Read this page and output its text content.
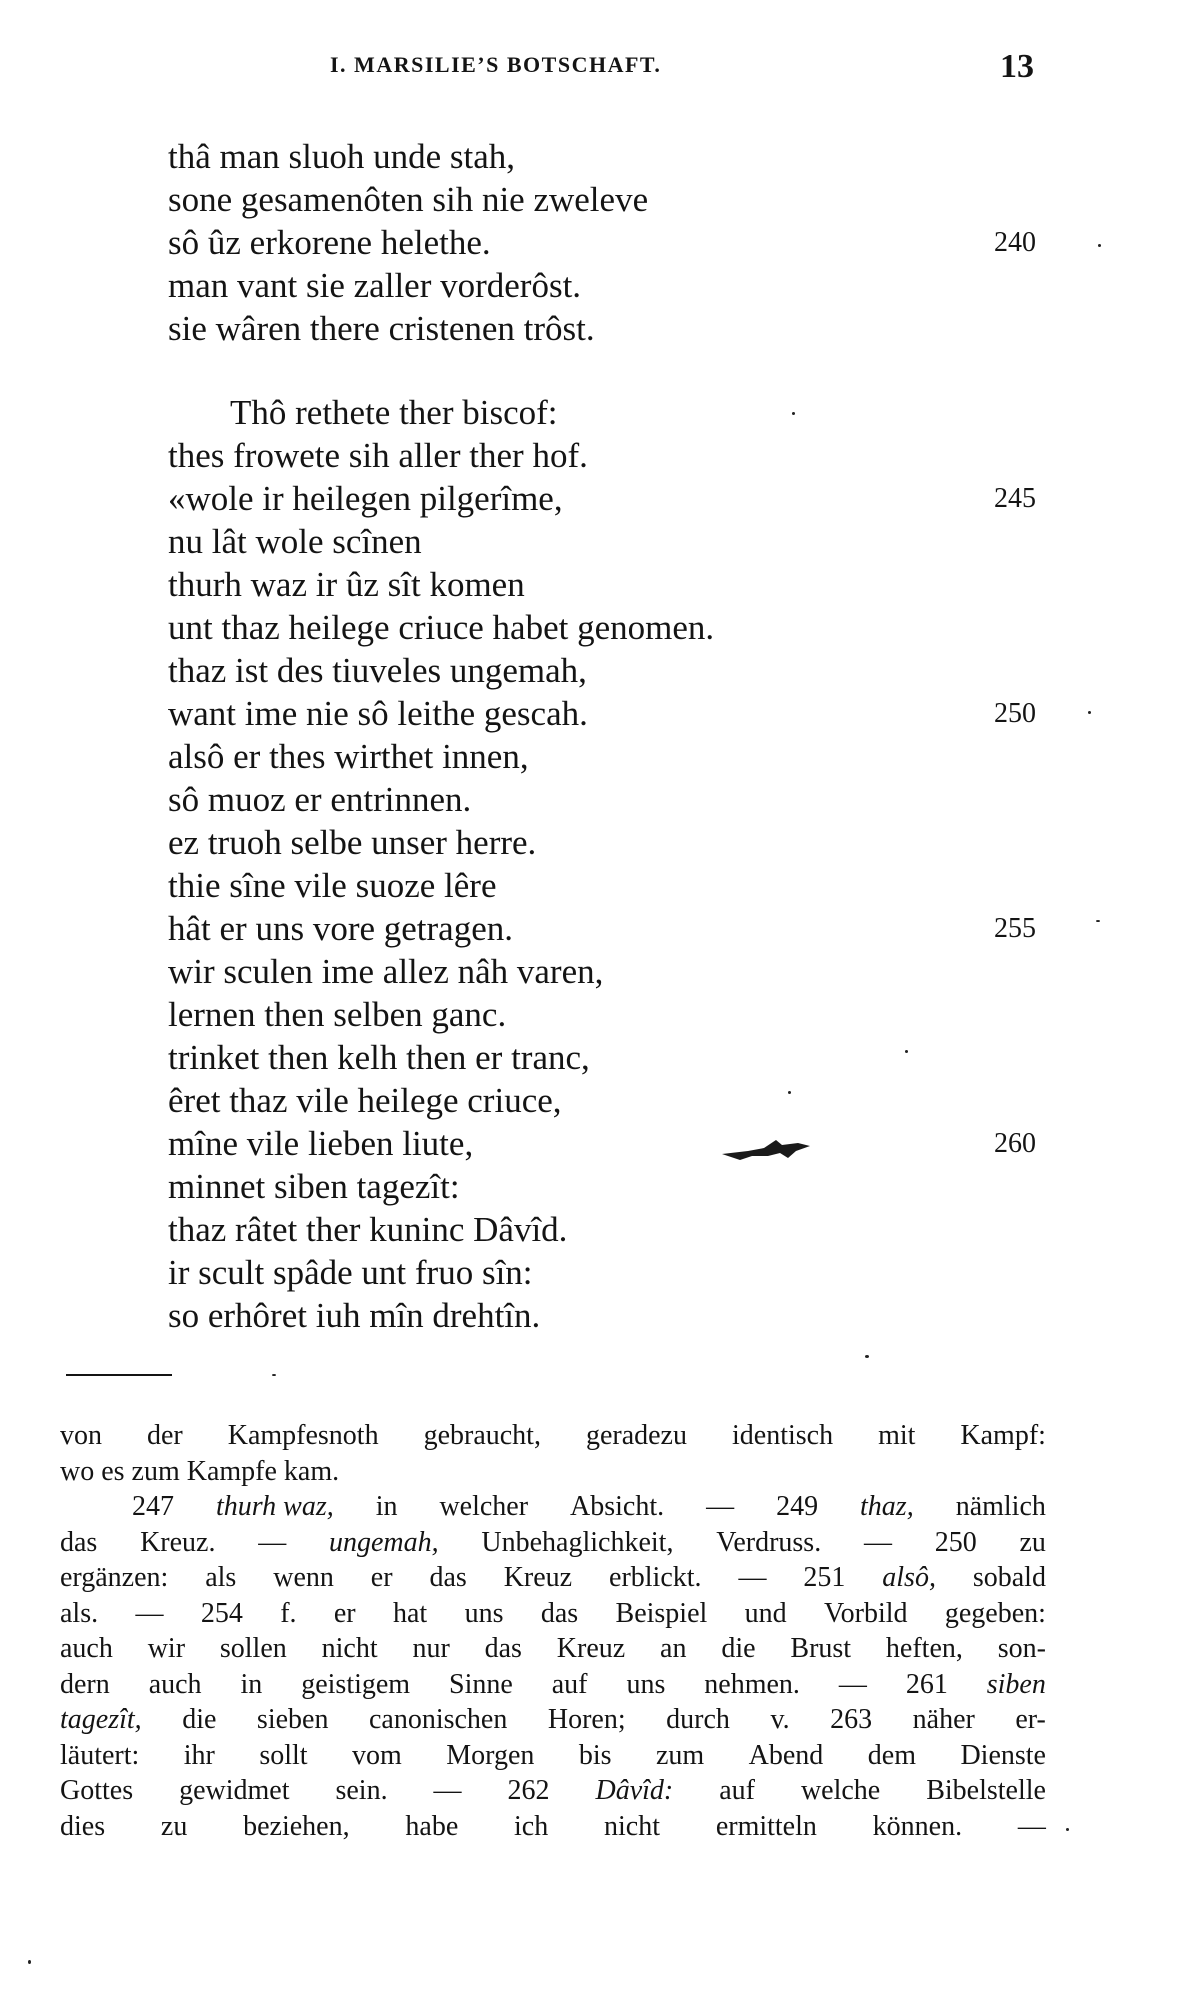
I. MARSILIE’S BOTSCHAFT.	13
thâ man sluoh unde stah,
sone gesamenôten sih nie zweleve
sô ûz erkorene helethe.
man vant sie zaller vorderôst.
sie wâren there cristenen trôst.
Thô rethete ther biscof:
thes frowete sih aller ther hof.
«wole ir heilegen pilgerîme,
nu lât wole scînen
thurh waz ir ûz sît komen
unt thaz heilege criuce habet genomen.
thaz ist des tiuveles ungemah,
want ime nie sô leithe gescah.
alsô er thes wirthet innen,
sô muoz er entrinnen.
ez truoh selbe unser herre.
thie sîne vile suoze lêre
hât er uns vore getragen.
wir sculen ime allez nâh varen,
lernen then selben ganc.
trinket then kelh then er tranc,
êret thaz vile heilege criuce,
mîne vile lieben liute,
minnet siben tagezît:
thaz râtet ther kuninc Dâvîd.
ir scult spâde unt fruo sîn:
so erhôret iuh mîn drehtîn.
240
245
250
255
260
von der Kampfesnoth gebraucht, geradezu identisch mit Kampf:
wo es zum Kampfe kam.
247 thurh waz, in welcher Absicht. — 249 thaz, nämlich
das Kreuz. — ungemah, Unbehaglichkeit, Verdruss. — 250 zu
ergänzen: als wenn er das Kreuz erblickt. — 251 alsô, sobald
als. — 254 f. er hat uns das Beispiel und Vorbild gegeben:
auch wir sollen nicht nur das Kreuz an die Brust heften, son-
dern auch in geistigem Sinne auf uns nehmen. — 261 siben
tagezît, die sieben canonischen Horen; durch v. 263 näher er-
läutert: ihr sollt vom Morgen bis zum Abend dem Dienste
Gottes gewidmet sein. — 262 Dâvîd: auf welche Bibelstelle
dies zu beziehen, habe ich nicht ermitteln können. —
